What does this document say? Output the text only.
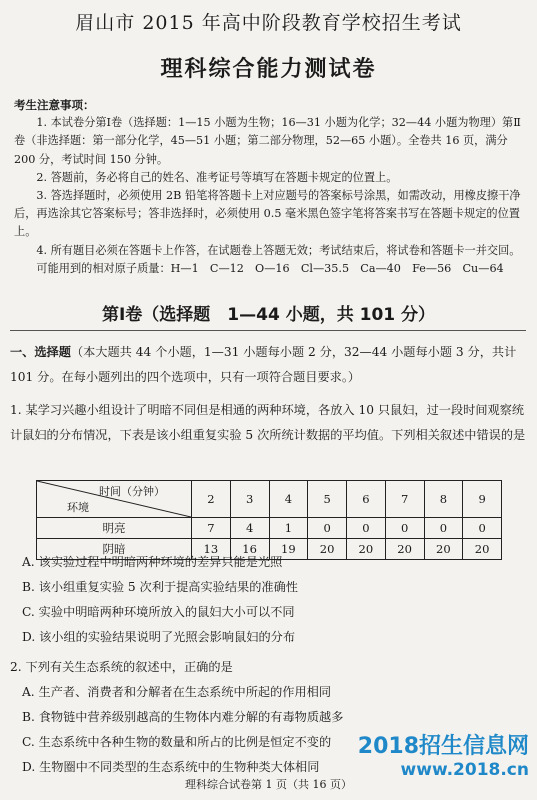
眉山市 2015 年高中阶段教育学校招生考试
理科综合能力测试卷
考生注意事项：

1. 本试卷分第Ⅰ卷（选择题：1—15 小题为生物；16—31 小题为化学；32—44 小题为物理）第Ⅱ卷（非选择题：第一部分化学，45—51 小题；第二部分物理，52—65 小题）。全卷共 16 页，满分 200 分，考试时间 150 分钟。

2. 答题前，务必将自己的姓名、准考证号等填写在答题卡规定的位置上。

3. 答选择题时，必须使用 2B 铅笔将答题卡上对应题号的答案标号涂黑，如需改动，用橡皮擦干净后，再选涂其它答案标号；答非选择时，必须使用 0.5 毫米黑色签字笔将答案书写在答题卡规定的位置上。

4. 所有题目必须在答题卡上作答，在试题卷上答题无效；考试结束后，将试卷和答题卡一并交回。

可能用到的相对原子质量：H—1　C—12　O—16　Cl—35.5　Ca—40　Fe—56　Cu—64

第Ⅰ卷（选择题　1—44 小题，共 101 分）
一、选择题（本大题共 44 个小题，1—31 小题每小题 2 分，32—44 小题每小题 3 分，共计 101 分。在每小题列出的四个选项中，只有一项符合题目要求。）
1. 某学习兴趣小组设计了明暗不同但是相通的两种环境，各放入 10 只鼠妇，过一段时间观察统计鼠妇的分布情况，下表是该小组重复实验 5 次所统计数据的平均值。下列相关叙述中错误的是
时间（分钟）
环境	2	3	4	5	6	7	8	9
明亮	7	4	1	0	0	0	0	0
阴暗	13	16	19	20	20	20	20	20
A. 该实验过程中明暗两种环境的差异只能是光照
B. 该小组重复实验 5 次利于提高实验结果的准确性
C. 实验中明暗两种环境所放入的鼠妇大小可以不同
D. 该小组的实验结果说明了光照会影响鼠妇的分布
2. 下列有关生态系统的叙述中，正确的是
A. 生产者、消费者和分解者在生态系统中所起的作用相同
B. 食物链中营养级别越高的生物体内难分解的有毒物质越多
C. 生态系统中各种生物的数量和所占的比例是恒定不变的
D. 生物圈中不同类型的生态系统中的生物种类大体相同
理科综合试卷第 1 页（共 16 页）
2018招生信息网
www.2018.cn
